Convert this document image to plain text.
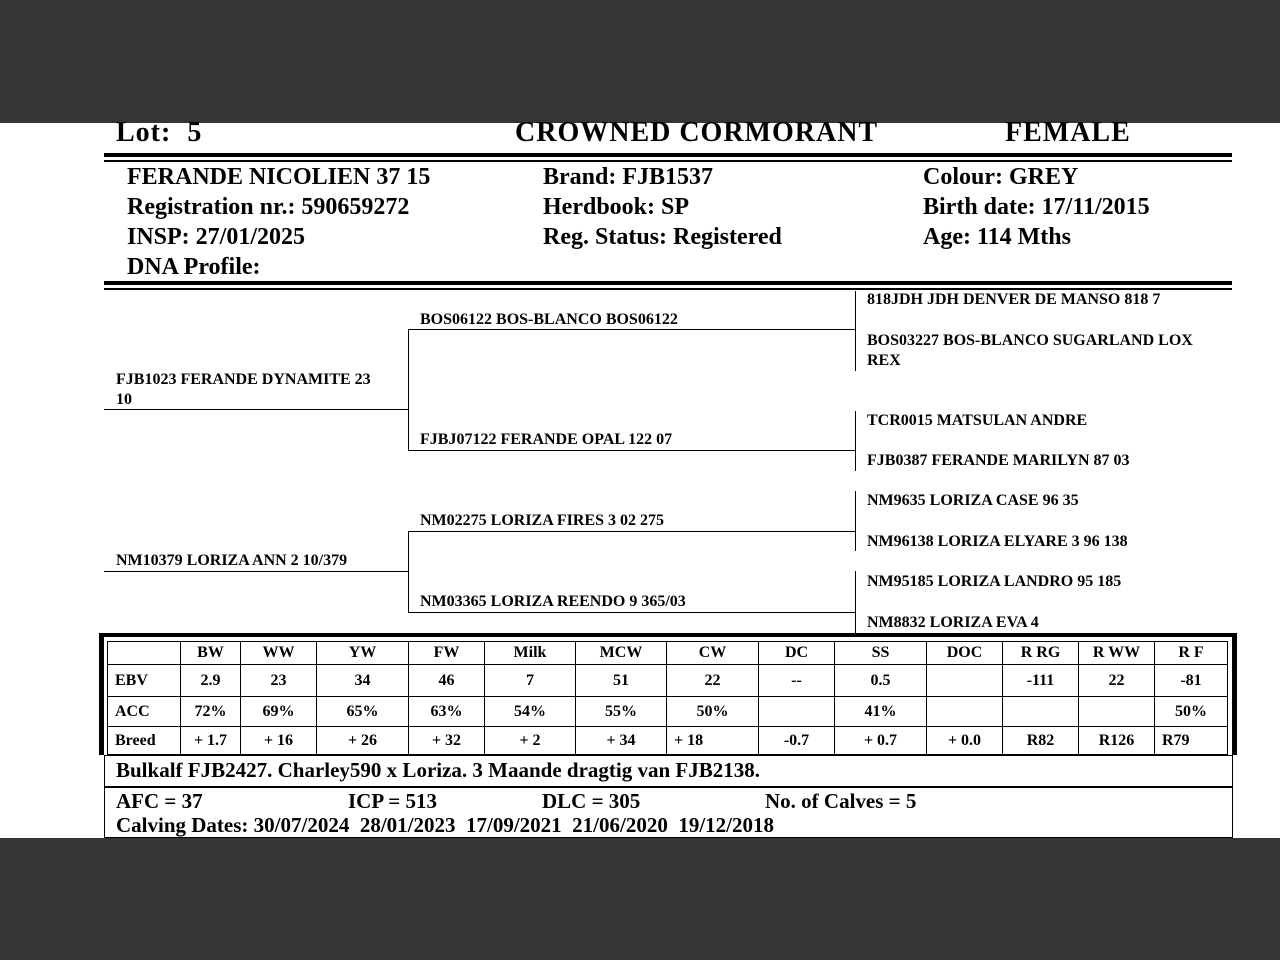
Lot: 5	CROWNED CORMORANT	FEMALE
FERANDE NICOLIEN 37 15
Registration nr.: 590659272
INSP: 27/01/2025
DNA Profile:
Brand: FJB1537
Herdbook: SP
Reg. Status: Registered
Colour: GREY
Birth date: 17/11/2015
Age: 114 Mths
FJB1023 FERANDE DYNAMITE 23
10
NM10379 LORIZA ANN 2 10/379
BOS06122 BOS-BLANCO BOS06122
FJBJ07122 FERANDE OPAL 122 07
NM02275 LORIZA FIRES 3 02 275
NM03365 LORIZA REENDO 9 365/03
818JDH JDH DENVER DE MANSO 818 7
BOS03227 BOS-BLANCO SUGARLAND LOX
REX
TCR0015 MATSULAN ANDRE
FJB0387 FERANDE MARILYN 87 03
NM9635 LORIZA CASE 96 35
NM96138 LORIZA ELYARE 3 96 138
NM95185 LORIZA LANDRO 95 185
NM8832 LORIZA EVA 4
	BW	WW	YW	FW	Milk	MCW	CW	DC	SS	DOC	R RG	R WW	R F
EBV	2.9	23	34	46	7	51	22	--	0.5		-111	22	-81
ACC	72%	69%	65%	63%	54%	55%	50%		41%				50%
Breed	+ 1.7	+ 16	+ 26	+ 32	+ 2	+ 34	+ 18	-0.7	+ 0.7	+ 0.0	R82	R126	R79
Bulkalf FJB2427. Charley590 x Loriza. 3 Maande dragtig van FJB2138.
AFC = 37	ICP = 513	DLC = 305	No. of Calves = 5
Calving Dates: 30/07/2024  28/01/2023  17/09/2021  21/06/2020  19/12/2018
